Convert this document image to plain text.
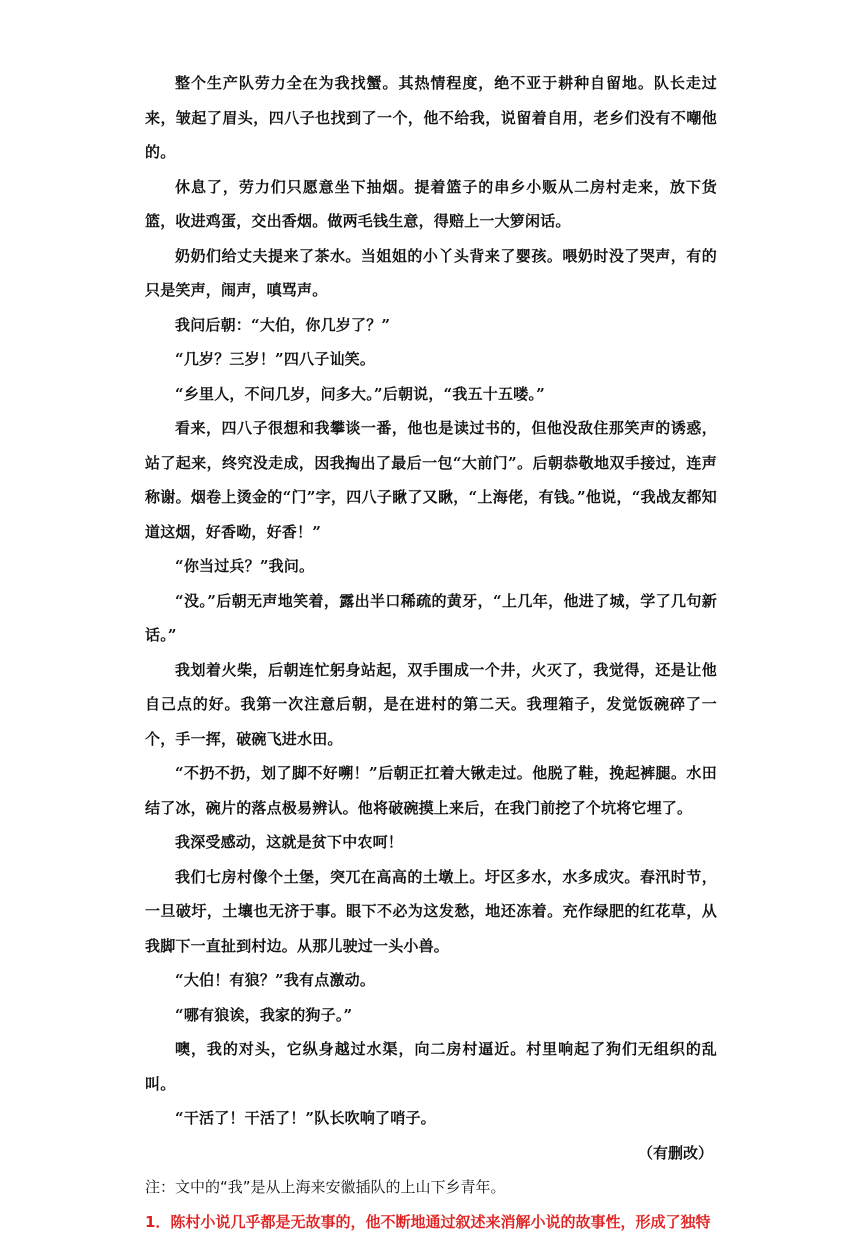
整个生产队劳力全在为我找蟹。其热情程度，绝不亚于耕种自留地。队长走过来，皱起了眉头，四八子也找到了一个，他不给我，说留着自用，老乡们没有不嘲他的。

休息了，劳力们只愿意坐下抽烟。提着篮子的串乡小贩从二房村走来，放下货篮，收进鸡蛋，交出香烟。做两毛钱生意，得赔上一大箩闲话。

奶奶们给丈夫提来了茶水。当姐姐的小丫头背来了婴孩。喂奶时没了哭声，有的只是笑声，闹声，嗔骂声。

我问后朝：“大伯，你几岁了？”

“几岁？三岁！”四八子讪笑。

“乡里人，不问几岁，问多大。”后朝说，“我五十五喽。”

看来，四八子很想和我攀谈一番，他也是读过书的，但他没敌住那笑声的诱惑，站了起来，终究没走成，因我掏出了最后一包“大前门”。后朝恭敬地双手接过，连声称谢。烟卷上烫金的“门”字，四八子瞅了又瞅，“上海佬，有钱。”他说，“我战友都知道这烟，好香呦，好香！”

“你当过兵？”我问。

“没。”后朝无声地笑着，露出半口稀疏的黄牙，“上几年，他进了城，学了几句新话。”

我划着火柴，后朝连忙躬身站起，双手围成一个井，火灭了，我觉得，还是让他自己点的好。我第一次注意后朝，是在进村的第二天。我理箱子，发觉饭碗碎了一个，手一挥，破碗飞进水田。

“不扔不扔，划了脚不好嗍！”后朝正扛着大锹走过。他脱了鞋，挽起裤腿。水田结了冰，碗片的落点极易辨认。他将破碗摸上来后，在我门前挖了个坑将它埋了。

我深受感动，这就是贫下中农呵！

我们七房村像个土堡，突兀在高高的土墩上。圩区多水，水多成灾。春汛时节，一旦破圩，土壤也无济于事。眼下不必为这发愁，地还冻着。充作绿肥的红花草，从我脚下一直扯到村边。从那儿驶过一头小兽。

“大伯！有狼？”我有点激动。

“哪有狼诶，我家的狗子。”

噢，我的对头，它纵身越过水渠，向二房村逼近。村里响起了狗们无组织的乱叫。

“干活了！干活了！”队长吹响了哨子。

（有删改）

注：文中的“我”是从上海来安徽插队的上山下乡青年。

1．陈村小说几乎都是无故事的，他不断地通过叙述来消解小说的故事性，形成了独特
